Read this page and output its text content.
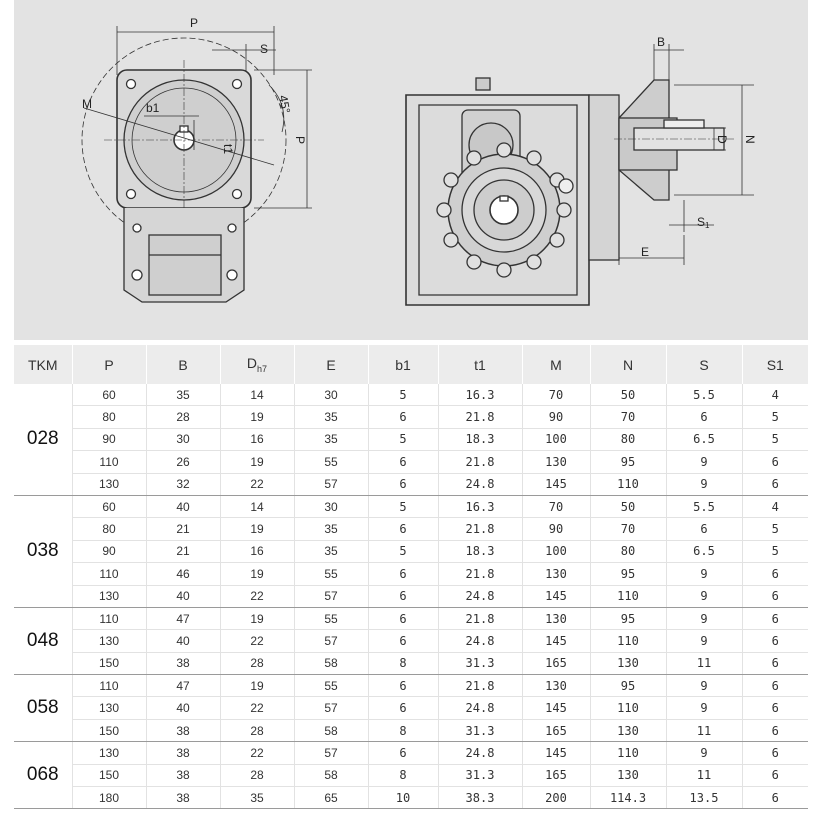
P
S
M	b1
t1
45°
P
B
D N
S1
E
TKM	P	B	$D_{h7}$	E	b1	t1	M	N	S	S1
028	60	35	14	30	5	16.3	70	50	5.5	4
	80	28	19	35	6	21.8	90	70	6	5
	90	30	16	35	5	18.3	100	80	6.5	5
	110	26	19	55	6	21.8	130	95	9	6
	130	32	22	57	6	24.8	145	110	9	6
038	60	40	14	30	5	16.3	70	50	5.5	4
	80	21	19	35	6	21.8	90	70	6	5
	90	21	16	35	5	18.3	100	80	6.5	5
	110	46	19	55	6	21.8	130	95	9	6
	130	40	22	57	6	24.8	145	110	9	6
048	110	47	19	55	6	21.8	130	95	9	6
	130	40	22	57	6	24.8	145	110	9	6
	150	38	28	58	8	31.3	165	130	11	6
058	110	47	19	55	6	21.8	130	95	9	6
	130	40	22	57	6	24.8	145	110	9	6
	150	38	28	58	8	31.3	165	130	11	6
068	130	38	22	57	6	24.8	145	110	9	6
	150	38	28	58	8	31.3	165	130	11	6
	180	38	35	65	10	38.3	200	114.3	13.5	6
